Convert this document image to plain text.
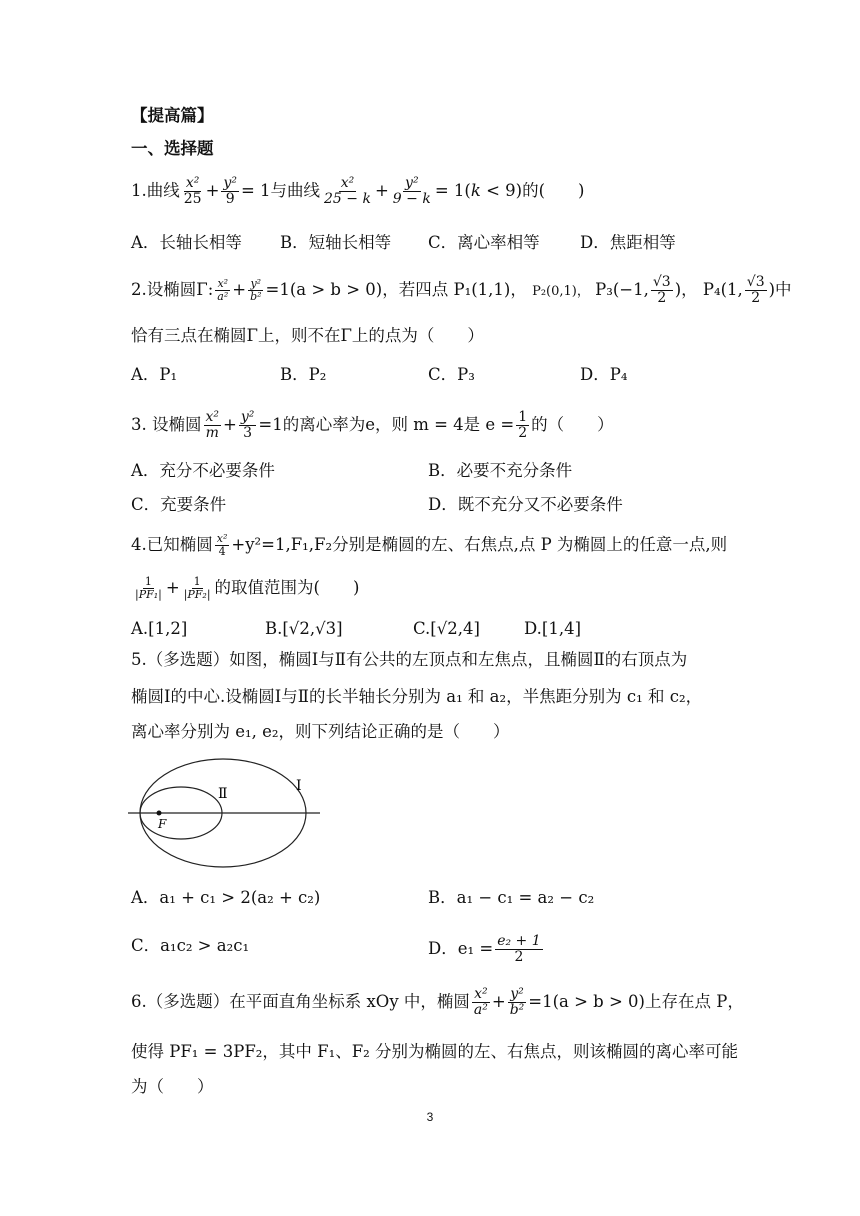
【提高篇】
一、选择题
1.曲线 $\frac{\text{x²}}{25} + \frac{\text{y²}}{9} = 1$与曲线 $\frac{\text{x²}}{25 - k} + \frac{\text{y²}}{9 - k} = 1(k < 9)$的(　　)
A．长轴长相等 B．短轴长相等 C．离心率相等 D．焦距相等
2.设椭圆Γ: $\frac{\text{x²}}{\text{a²}} + \frac{\text{y²}}{\text{b²}} =1(a > b > 0)$，若四点 P₁(1,1)， P₂(0,1)， P₃(−1, $\frac{√3}{2}$ )， P₄(1, $\frac{√3}{2}$ )中
恰有三点在椭圆Γ上，则不在Γ上的点为（　　）
A．P₁	B．P₂	C．P₃	D．P₄
3. 设椭圆 $\frac{\text{x²}}{m} + \frac{\text{y²}}{3} =1$的离心率为e，则 m = 4是 $e = \frac{1}{2}$ 的（　　）
A．充分不必要条件	B．必要不充分条件
C．充要条件	D．既不充分又不必要条件
4.已知椭圆 $\frac{\text{x²}}{4} +y^2=1,F_1,F_2$分别是椭圆的左、右焦点,点 P 为椭圆上的任意一点,则
$\frac{1}{\text{|PF₁|}} + \frac{1}{\text{|PF₂|}}$ 的取值范围为(　　)
A.[1,2]	B.[√2,√3]	C.[√2,4]	D.[1,4]
5.（多选题）如图，椭圆Ⅰ与Ⅱ有公共的左顶点和左焦点，且椭圆Ⅱ的右顶点为
椭圆Ⅰ的中心.设椭圆Ⅰ与Ⅱ的长半轴长分别为 a₁ 和 a₂，半焦距分别为 c₁ 和 c₂，
离心率分别为 e₁, e₂，则下列结论正确的是（　　）
Ⅱ	Ⅰ
F
A．a₁ + c₁ > 2(a₂ + c₂)	B．a₁ − c₁ = a₂ − c₂
C．a₁c₂ > a₂c₁	D．$e_1 = \frac{\text{e₂ + 1}}{2}$
6.（多选题）在平面直角坐标系 xOy 中，椭圆 $\frac{\text{x²}}{\text{a²}} + \frac{\text{y²}}{\text{b²}} =1(a > b > 0)$上存在点 P，
使得 PF₁ = 3PF₂，其中 F₁、F₂ 分别为椭圆的左、右焦点，则该椭圆的离心率可能
为（　　）
3
